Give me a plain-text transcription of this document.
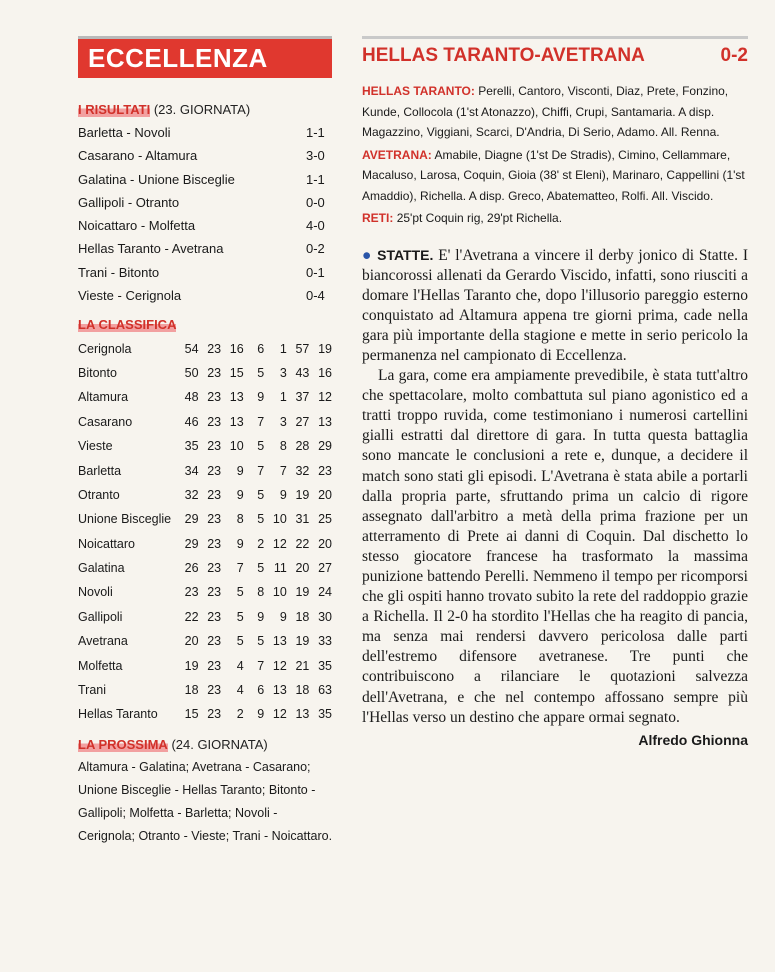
ECCELLENZA
I RISULTATI (23. GIORNATA)
Barletta - Novoli	1-1
Casarano - Altamura	3-0
Galatina - Unione Bisceglie	1-1
Gallipoli - Otranto	0-0
Noicattaro - Molfetta	4-0
Hellas Taranto - Avetrana	0-2
Trani - Bitonto	0-1
Vieste - Cerignola	0-4
LA CLASSIFICA
Cerignola	54	23	16	6	1	57	19
Bitonto	50	23	15	5	3	43	16
Altamura	48	23	13	9	1	37	12
Casarano	46	23	13	7	3	27	13
Vieste	35	23	10	5	8	28	29
Barletta	34	23	9	7	7	32	23
Otranto	32	23	9	5	9	19	20
Unione Bisceglie	29	23	8	5	10	31	25
Noicattaro	29	23	9	2	12	22	20
Galatina	26	23	7	5	11	20	27
Novoli	23	23	5	8	10	19	24
Gallipoli	22	23	5	9	9	18	30
Avetrana	20	23	5	5	13	19	33
Molfetta	19	23	4	7	12	21	35
Trani	18	23	4	6	13	18	63
Hellas Taranto	15	23	2	9	12	13	35
LA PROSSIMA (24. GIORNATA)
Altamura - Galatina; Avetrana - Casarano; Unione Bisceglie - Hellas Taranto; Bitonto - Gallipoli; Molfetta - Barletta; Novoli - Cerignola; Otranto - Vieste; Trani - Noicattaro.
HELLAS TARANTO-AVETRANA	0-2

HELLAS TARANTO: Perelli, Cantoro, Visconti, Diaz, Prete, Fonzino, Kunde, Collocola (1'st Atonazzo), Chiffi, Crupi, Santamaria. A disp. Magazzino, Viggiani, Scarci, D'Andria, Di Serio, Adamo. All. Renna.

AVETRANA: Amabile, Diagne (1'st De Stradis), Cimino, Cellammare, Macaluso, Larosa, Coquin, Gioia (38' st Eleni), Marinaro, Cappellini (1'st Amaddio), Richella. A disp. Greco, Abatematteo, Rolfi. All. Viscido.

RETI: 25'pt Coquin rig, 29'pt Richella.

● STATTE. E' l'Avetrana a vincere il derby jonico di Statte. I biancorossi allenati da Gerardo Viscido, infatti, sono riusciti a domare l'Hellas Taranto che, dopo l'illusorio pareggio esterno conquistato ad Altamura appena tre giorni prima, cade nella gara più importante della stagione e mette in serio pericolo la permanenza nel campionato di Eccellenza.

La gara, come era ampiamente prevedibile, è stata tutt'altro che spettacolare, molto combattuta sul piano agonistico ed a tratti troppo ruvida, come testimoniano i numerosi cartellini gialli estratti dal direttore di gara. In tutta questa battaglia sono mancate le conclusioni a rete e, dunque, a decidere il match sono stati gli episodi. L'Avetrana è stata abile a portarli dalla propria parte, sfruttando prima un calcio di rigore assegnato dall'arbitro a metà della prima frazione per un atterramento di Prete ai danni di Coquin. Dal dischetto lo stesso giocatore francese ha trasformato la massima punizione battendo Perelli. Nemmeno il tempo per ricomporsi che gli ospiti hanno trovato subito la rete del raddoppio grazie a Richella. Il 2-0 ha stordito l'Hellas che ha reagito di pancia, ma senza mai rendersi davvero pericolosa dalle parti dell'estremo difensore avetranese. Tre punti che contribuiscono a rilanciare le quotazioni salvezza dell'Avetrana, e che nel contempo affossano sempre più l'Hellas verso un destino che appare ormai segnato.

Alfredo Ghionna
